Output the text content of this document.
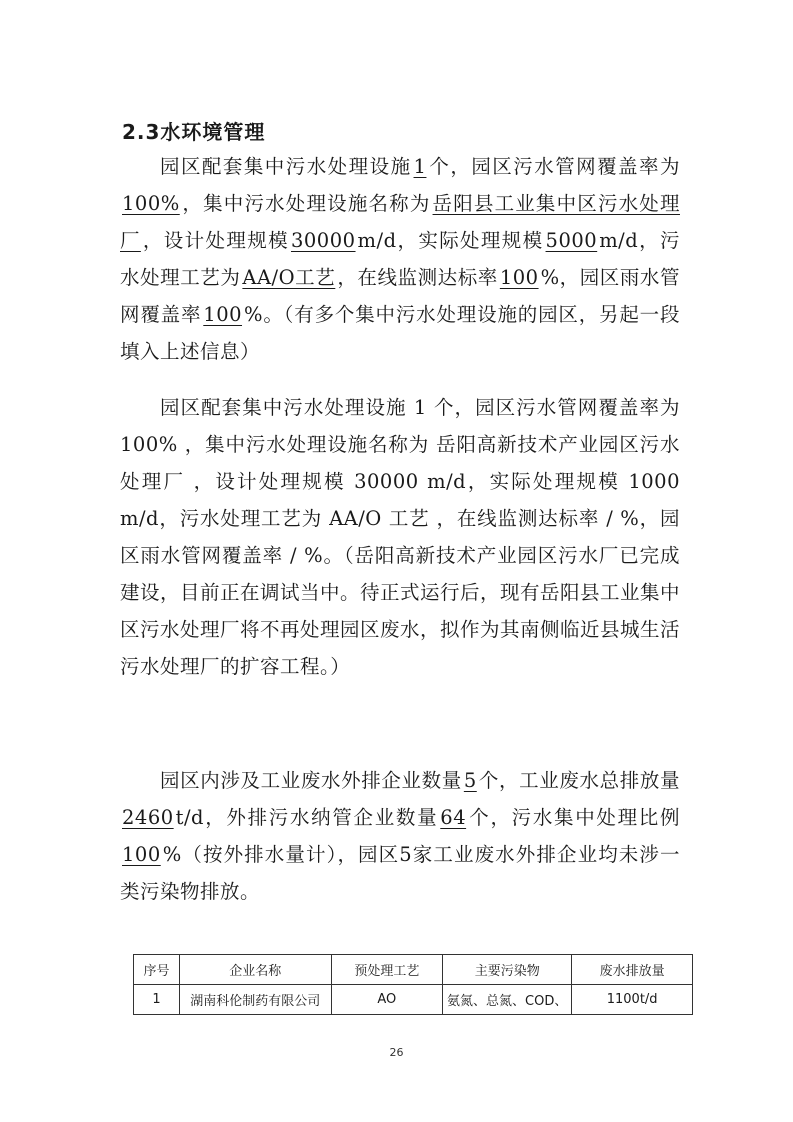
2.3水环境管理
园区配套集中污水处理设施 1 个，园区污水管网覆盖率为100% ，集中污水处理设施名称为 岳阳县工业集中区污水处理厂 ，设计处理规模 30000 m/d，实际处理规模 5000 m/d，污水处理工艺为 AA/O工艺 ，在线监测达标率 100 %，园区雨水管网覆盖率 100 %。（有多个集中污水处理设施的园区，另起一段填入上述信息）
园区配套集中污水处理设施 1 个，园区污水管网覆盖率为 100% ，集中污水处理设施名称为 岳阳高新技术产业园区污水处理厂 ，设计处理规模 30000 m/d，实际处理规模 1000 m/d，污水处理工艺为 AA/O 工艺 ，在线监测达标率 / %，园区雨水管网覆盖率 / %。（岳阳高新技术产业园区污水厂已完成建设，目前正在调试当中。待正式运行后，现有岳阳县工业集中区污水处理厂将不再处理园区废水，拟作为其南侧临近县城生活污水处理厂的扩容工程。）
园区内涉及工业废水外排企业数量 5 个，工业废水总排放量2460 t/d，外排污水纳管企业数量 64 个，污水集中处理比例100 %（按外排水量计），园区5家工业废水外排企业均未涉一类污染物排放。
序号	企业名称	预处理工艺	主要污染物	废水排放量
1	湖南科伦制药有限公司	AO	氨氮、总氮、COD、	1100t/d
26
